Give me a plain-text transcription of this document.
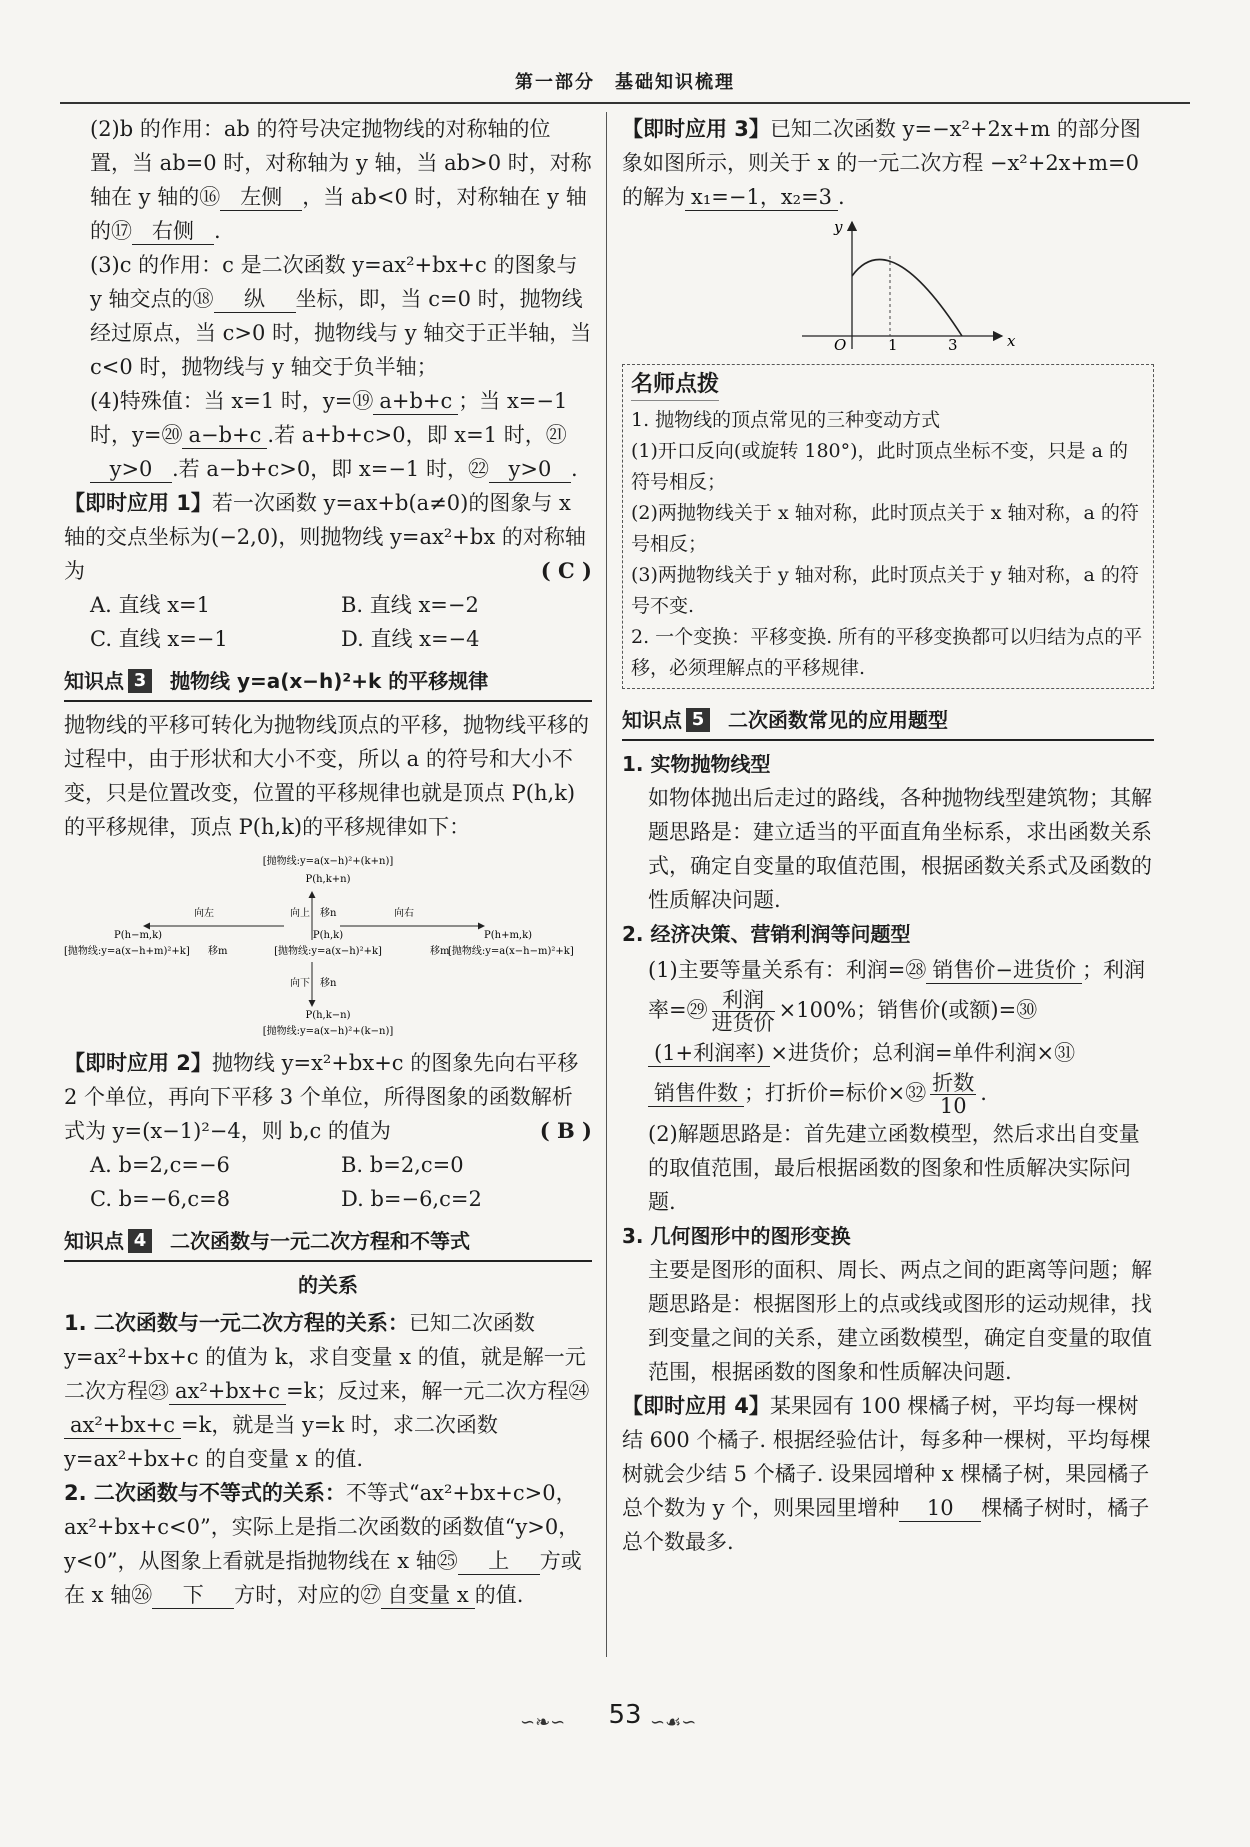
第一部分　基础知识梳理

(2)b 的作用：ab 的符号决定抛物线的对称轴的位置，当 ab=0 时，对称轴为 y 轴，当 ab>0 时，对称轴在 y 轴的⑯ 左侧 ，当 ab<0 时，对称轴在 y 轴的⑰ 右侧 .

(3)c 的作用：c 是二次函数 y=ax²+bx+c 的图象与 y 轴交点的⑱ 纵 坐标，即，当 c=0 时，抛物线经过原点，当 c>0 时，抛物线与 y 轴交于正半轴，当 c<0 时，抛物线与 y 轴交于负半轴；

(4)特殊值：当 x=1 时，y=⑲ a+b+c ；当 x=−1 时，y=⑳ a−b+c .若 a+b+c>0，即 x=1 时，㉑y>0 .若 a−b+c>0，即 x=−1 时，㉒ y>0 .

【即时应用 1】若一次函数 y=ax+b(a≠0)的图象与 x 轴的交点坐标为(−2,0)，则抛物线 y=ax²+bx 的对称轴为	( C )

A. 直线 x=1	B. 直线 x=−2
C. 直线 x=−1	D. 直线 x=−4
知识点 3 抛物线 y=a(x−h)²+k 的平移规律

抛物线的平移可转化为抛物线顶点的平移，抛物线平移的过程中，由于形状和大小不变，所以 a 的符号和大小不变，只是位置改变，位置的平移规律也就是顶点 P(h,k)的平移规律，顶点 P(h,k)的平移规律如下：

[抛物线:y=a(x−h)²+(k+n)]
P(h,k+n)
向上 移n
向左	向右
P(h−m,k)	P(h,k)	P(h+m,k)
[抛物线:y=a(x−h+m)²+k] 移m	[抛物线:y=a(x−h)²+k]	移m
[抛物线:y=a(x−h−m)²+k]
向下 移n
P(h,k−n)
[抛物线:y=a(x−h)²+(k−n)]

【即时应用 2】抛物线 y=x²+bx+c 的图象先向右平移 2 个单位，再向下平移 3 个单位，所得图象的函数解析式为 y=(x−1)²−4，则 b,c 的值为	( B )

A. b=2,c=−6	B. b=2,c=0
C. b=−6,c=8	D. b=−6,c=2
知识点 4 二次函数与一元二次方程和不等式
的关系

1. 二次函数与一元二次方程的关系：已知二次函数 y=ax²+bx+c 的值为 k，求自变量 x 的值，就是解一元二次方程㉓ ax²+bx+c =k；反过来，解一元二次方程㉔ax²+bx+c =k，就是当 y=k 时，求二次函数 y=ax²+bx+c 的自变量 x 的值.

2. 二次函数与不等式的关系：不等式“ax²+bx+c>0，ax²+bx+c<0”，实际上是指二次函数的函数值“y>0，y<0”，从图象上看就是指抛物线在 x 轴㉕ 上 方或在 x 轴㉖ 下 方时，对应的㉗ 自变量 x 的值.

【即时应用 3】已知二次函数 y=−x²+2x+m 的部分图象如图所示，则关于 x 的一元二次方程 −x²+2x+m=0 的解为 x₁=−1，x₂=3 .

y
x
O	1	3
名师点拨

1. 抛物线的顶点常见的三种变动方式

(1)开口反向(或旋转 180°)，此时顶点坐标不变，只是 a 的符号相反；

(2)两抛物线关于 x 轴对称，此时顶点关于 x 轴对称，a 的符号相反；

(3)两抛物线关于 y 轴对称，此时顶点关于 y 轴对称，a 的符号不变.

2. 一个变换：平移变换. 所有的平移变换都可以归结为点的平移，必须理解点的平移规律.

知识点 5 二次函数常见的应用题型

1. 实物抛物线型

如物体抛出后走过的路线，各种抛物线型建筑物；其解题思路是：建立适当的平面直角坐标系，求出函数关系式，确定自变量的取值范围，根据函数关系式及函数的性质解决问题.

2. 经济决策、营销利润等问题型

(1)主要等量关系有：利润=㉘ 销售价−进货价 ；利润率=㉙ $\frac{\text{利润}}{\text{进货价}} \times 100\%$；销售价(或额)=㉚(1+利润率) ×进货价；总利润=单件利润×㉛销售件数 ；打折价=标价×㉜ $\frac{\text{折数}}{10}$ .

(2)解题思路是：首先建立函数模型，然后求出自变量的取值范围，最后根据函数的图象和性质解决实际问题.

3. 几何图形中的图形变换

主要是图形的面积、周长、两点之间的距离等问题；解题思路是：根据图形上的点或线或图形的运动规律，找到变量之间的关系，建立函数模型，确定自变量的取值范围，根据函数的图象和性质解决问题.

【即时应用 4】某果园有 100 棵橘子树，平均每一棵树结 600 个橘子. 根据经验估计，每多种一棵树，平均每棵树就会少结 5 个橘子. 设果园增种 x 棵橘子树，果园橘子总个数为 y 个，则果园里增种 10 棵橘子树时，橘子总个数最多.

∽❧∽	53 ∽☙∽
